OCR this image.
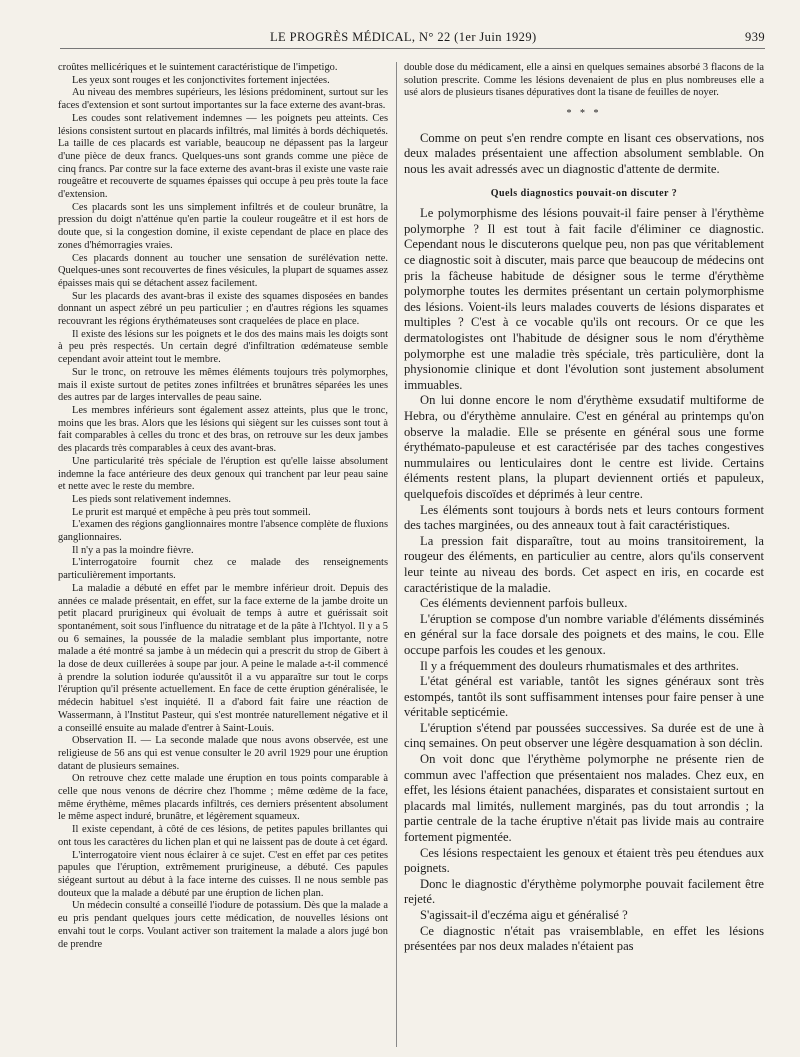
LE PROGRÈS MÉDICAL, N° 22 (1er Juin 1929)	939

croûtes mellicériques et le suintement caractéristique de l'impetigo.

Les yeux sont rouges et les conjonctivites fortement injectées.

Au niveau des membres supérieurs, les lésions prédominent, surtout sur les faces d'extension et sont surtout importantes sur la face externe des avant-bras.

Les coudes sont relativement indemnes — les poignets peu atteints. Ces lésions consistent surtout en placards infiltrés, mal limités à bords déchiquetés. La taille de ces placards est variable, beaucoup ne dépassent pas la largeur d'une pièce de deux francs. Quelques-uns sont grands comme une pièce de cinq francs. Par contre sur la face externe des avant-bras il existe une vaste raie rougeâtre et recouverte de squames épaisses qui occupe à peu près toute la face d'extension.

Ces placards sont les uns simplement infiltrés et de couleur brunâtre, la pression du doigt n'atténue qu'en partie la couleur rougeâtre et il est hors de doute que, si la congestion domine, il existe cependant de place en place des zones d'hémorragies vraies.

Ces placards donnent au toucher une sensation de surélévation nette. Quelques-unes sont recouvertes de fines vésicules, la plupart de squames assez épaisses mais qui se détachent assez facilement.

Sur les placards des avant-bras il existe des squames disposées en bandes donnant un aspect zébré un peu particulier ; en d'autres régions les squames recouvrant les régions érythémateuses sont craquelées de place en place.

Il existe des lésions sur les poignets et le dos des mains mais les doigts sont à peu près respectés. Un certain degré d'infiltration œdémateuse semble cependant avoir atteint tout le membre.

Sur le tronc, on retrouve les mêmes éléments toujours très polymorphes, mais il existe surtout de petites zones infiltrées et brunâtres séparées les unes des autres par de larges intervalles de peau saine.

Les membres inférieurs sont également assez atteints, plus que le tronc, moins que les bras. Alors que les lésions qui siègent sur les cuisses sont tout à fait comparables à celles du tronc et des bras, on retrouve sur les deux jambes des placards très comparables à ceux des avant-bras.

Une particularité très spéciale de l'éruption est qu'elle laisse absolument indemne la face antérieure des deux genoux qui tranchent par leur peau saine et nette avec le reste du membre.

Les pieds sont relativement indemnes.

Le prurit est marqué et empêche à peu près tout sommeil.

L'examen des régions ganglionnaires montre l'absence complète de fluxions ganglionnaires.

Il n'y a pas la moindre fièvre.

L'interrogatoire fournit chez ce malade des renseignements particulièrement importants.

La maladie a débuté en effet par le membre inférieur droit. Depuis des années ce malade présentait, en effet, sur la face externe de la jambe droite un petit placard prurigineux qui évoluait de temps à autre et guérissait soit spontanément, soit sous l'influence du nitratage et de la pâte à l'Ichtyol. Il y a 5 ou 6 semaines, la poussée de la maladie semblant plus importante, notre malade a été montré sa jambe à un médecin qui a prescrit du strop de Gibert à la dose de deux cuillerées à soupe par jour. A peine le malade a-t-il commencé à prendre la solution iodurée qu'aussitôt il a vu apparaître sur tout le corps l'éruption qu'il présente actuellement. En face de cette éruption généralisée, le médecin habituel s'est inquiété. Il a d'abord fait faire une réaction de Wassermann, à l'Institut Pasteur, qui s'est montrée naturellement négative et il a conseillé ensuite au malade d'entrer à Saint-Louis.

Observation II. — La seconde malade que nous avons observée, est une religieuse de 56 ans qui est venue consulter le 20 avril 1929 pour une éruption datant de plusieurs semaines.

On retrouve chez cette malade une éruption en tous points comparable à celle que nous venons de décrire chez l'homme ; même œdème de la face, même érythème, mêmes placards infiltrés, ces derniers présentent absolument le même aspect induré, brunâtre, et légèrement squameux.

Il existe cependant, à côté de ces lésions, de petites papules brillantes qui ont tous les caractères du lichen plan et qui ne laissent pas de doute à cet égard.

L'interrogatoire vient nous éclairer à ce sujet. C'est en effet par ces petites papules que l'éruption, extrêmement prurigineuse, a débuté. Ces papules siégeant surtout au début à la face interne des cuisses. Il ne nous semble pas douteux que la malade a débuté par une éruption de lichen plan.

Un médecin consulté a conseillé l'iodure de potassium. Dès que la malade a eu pris pendant quelques jours cette médication, de nouvelles lésions ont envahi tout le corps. Voulant activer son traitement la malade a alors jugé bon de prendre

double dose du médicament, elle a ainsi en quelques semaines absorbé 3 flacons de la solution prescrite. Comme les lésions devenaient de plus en plus nombreuses elle a usé alors de plusieurs tisanes dépuratives dont la tisane de feuilles de noyer.

* * *

Comme on peut s'en rendre compte en lisant ces observations, nos deux malades présentaient une affection absolument semblable. On nous les avait adressés avec un diagnostic d'attente de dermite.

Quels diagnostics pouvait-on discuter ?

Le polymorphisme des lésions pouvait-il faire penser à l'érythème polymorphe ? Il est tout à fait facile d'éliminer ce diagnostic. Cependant nous le discuterons quelque peu, non pas que véritablement ce diagnostic soit à discuter, mais parce que beaucoup de médecins ont pris la fâcheuse habitude de désigner sous le terme d'érythème polymorphe toutes les dermites présentant un certain polymorphisme des lésions. Voient-ils leurs malades couverts de lésions disparates et multiples ? C'est à ce vocable qu'ils ont recours. Or ce que les dermatologistes ont l'habitude de désigner sous le nom d'érythème polymorphe est une maladie très spéciale, très particulière, dont la physionomie clinique et dont l'évolution sont justement absolument immuables.

On lui donne encore le nom d'érythème exsudatif multiforme de Hebra, ou d'érythème annulaire. C'est en général au printemps qu'on observe la maladie. Elle se présente en général sous une forme érythémato-papuleuse et est caractérisée par des taches congestives nummulaires ou lenticulaires dont le centre est livide. Certains éléments restent plans, la plupart deviennent ortiés et papuleux, quelquefois discoïdes et déprimés à leur centre.

Les éléments sont toujours à bords nets et leurs contours forment des taches marginées, ou des anneaux tout à fait caractéristiques.

La pression fait disparaître, tout au moins transitoirement, la rougeur des éléments, en particulier au centre, alors qu'ils conservent leur teinte au niveau des bords. Cet aspect en iris, en cocarde est caractéristique de la maladie.

Ces éléments deviennent parfois bulleux.

L'éruption se compose d'un nombre variable d'éléments disséminés en général sur la face dorsale des poignets et des mains, le cou. Elle occupe parfois les coudes et les genoux.

Il y a fréquemment des douleurs rhumatismales et des arthrites.

L'état général est variable, tantôt les signes généraux sont très estompés, tantôt ils sont suffisamment intenses pour faire penser à une véritable septicémie.

L'éruption s'étend par poussées successives. Sa durée est de une à cinq semaines. On peut observer une légère desquamation à son déclin.

On voit donc que l'érythème polymorphe ne présente rien de commun avec l'affection que présentaient nos malades. Chez eux, en effet, les lésions étaient panachées, disparates et consistaient surtout en placards mal limités, nullement marginés, pas du tout arrondis ; la partie centrale de la tache éruptive n'était pas livide mais au contraire fortement pigmentée.

Ces lésions respectaient les genoux et étaient très peu étendues aux poignets.

Donc le diagnostic d'érythème polymorphe pouvait facilement être rejeté.

S'agissait-il d'eczéma aigu et généralisé ?

Ce diagnostic n'était pas vraisemblable, en effet les lésions présentées par nos deux malades n'étaient pas
